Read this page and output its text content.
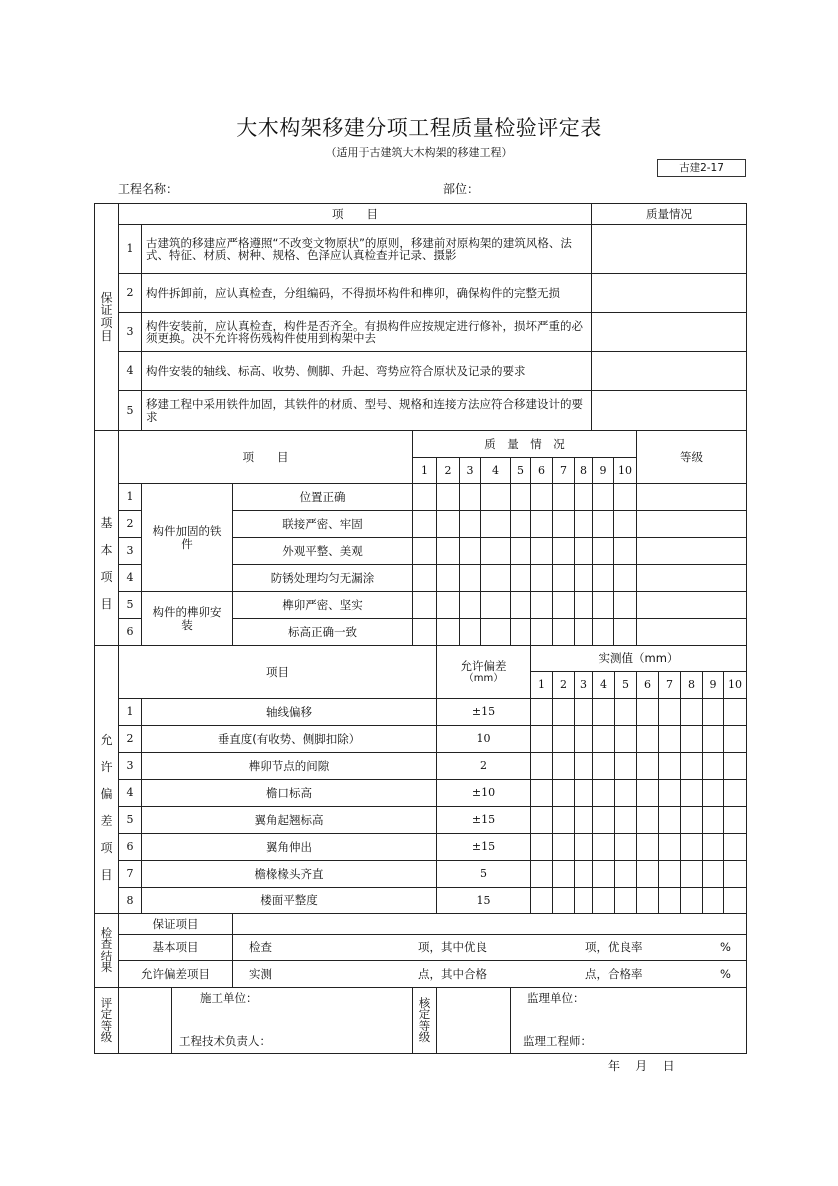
大木构架移建分项工程质量检验评定表
（适用于古建筑大木构架的移建工程）
古建2-17
工程名称：	部位：
保
证
项
目
项　　目	质量情况
1	古建筑的移建应严格遵照“不改变文物原状”的原则，移建前对原构架的建筑风格、法式、特征、材质、树种、规格、色泽应认真检查并记录、摄影
2	构件拆卸前，应认真检查，分组编码，不得损坏构件和榫卯，确保构件的完整无损
3	构件安装前，应认真检查，构件是否齐全。有损构件应按规定进行修补，损坏严重的必须更换。决不允许将伤残构件使用到构架中去
4	构件安装的轴线、标高、收势、侧脚、升起、弯势应符合原状及记录的要求
5	移建工程中采用铁件加固，其铁件的材质、型号、规格和连接方法应符合移建设计的要求
基
本
项
目
项　　目
质　量　情　况
等级
1	2	3	4	5	6	7	8	9	10
构件加固的铁件
1	位置正确
2	联接严密、牢固
3	外观平整、美观
4	防锈处理均匀无漏涂
构件的榫卯安装
5	榫卯严密、坚实
6	标高正确一致
允
许
偏
差
项
目
项目	允许偏差
（mm）
实测值（mm）
1	2	3	4	5	6	7	8	9	10
1	轴线偏移	±15
2	垂直度(有收势、侧脚扣除）	10
3	榫卯节点的间隙	2
4	檐口标高	±10
5	翼角起翘标高	±15
6	翼角伸出	±15
7	檐椽椽头齐直	5
8	楼面平整度	15
检
查
结
果
保证项目
基本项目	检查	项，其中优良	项，优良率	%
允许偏差项目	实测	点，其中合格	点，合格率	%
评
定
等
级
施工单位：
工程技术负责人：
核
定
等
级
监理单位：
监理工程师：
年 月 日
